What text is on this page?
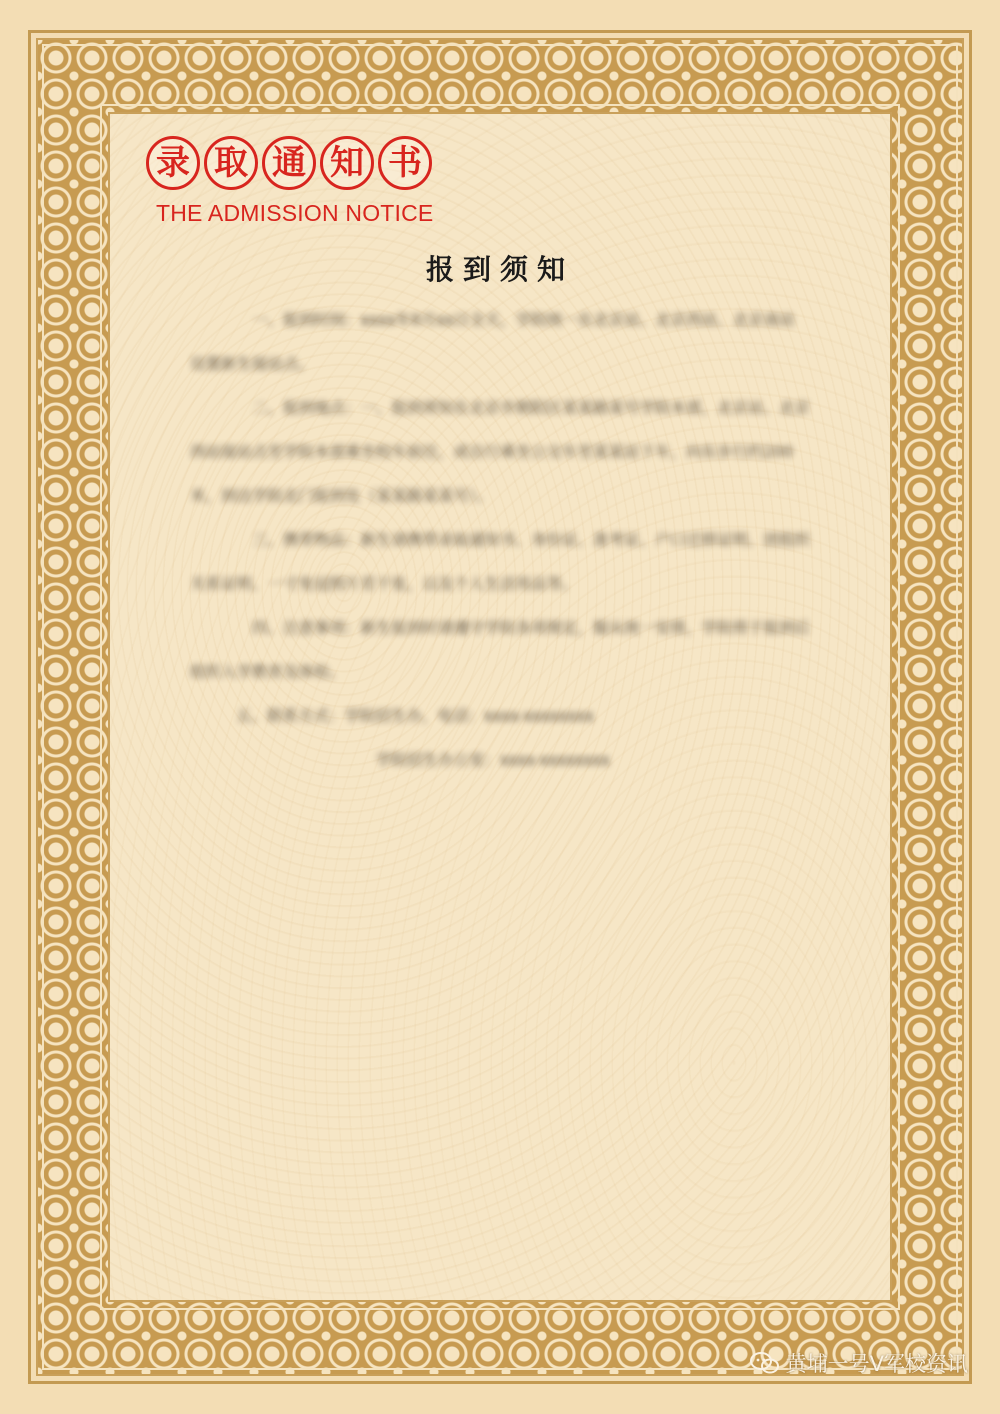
录 取 通 知 书
THE ADMISSION NOTICE
报到须知

一、报到时间：xxxx年8月xx日全天，学院统一在北京站、北京西站、北京南站设置新生接站点。

二、报到地点：一、报到须知在北京市朝阳区某某路某号学院本部，北京站、北京西站接站点至学院本部乘坐校车前往，或自行乘坐公交车至某某站下车，向东步行约200米，到达学院北门报到处（某某路某某号）。

三、携带物品：新生请携带录取通知书、身份证、准考证、户口迁移证明、团组织关系证明、一寸免冠照片若干张，以及个人生活用品等。

四、注意事项：新生报到时请遵守学院各项规定，服从统一安排，学院将于报到后组织入学教育及体检。

五、联系方式：学院招生办，电话：xxxx-xxxxxxxx

学院招生办公室：xxxx-xxxxxxxx

黄埔一号V军校资讯
